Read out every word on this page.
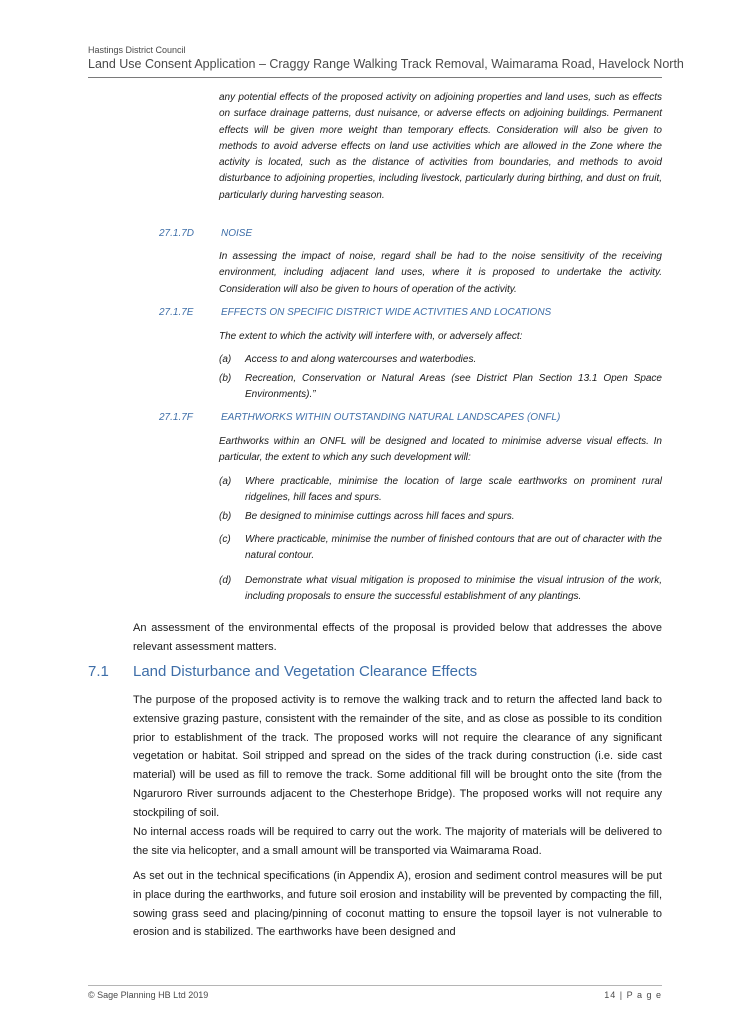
Hastings District Council
Land Use Consent Application – Craggy Range Walking Track Removal, Waimarama Road, Havelock North
any potential effects of the proposed activity on adjoining properties and land uses, such as effects on surface drainage patterns, dust nuisance, or adverse effects on adjoining buildings. Permanent effects will be given more weight than temporary effects. Consideration will also be given to methods to avoid adverse effects on land use activities which are allowed in the Zone where the activity is located, such as the distance of activities from boundaries, and methods to avoid disturbance to adjoining properties, including livestock, particularly during birthing, and dust on fruit, particularly during harvesting season.
27.1.7D	NOISE
In assessing the impact of noise, regard shall be had to the noise sensitivity of the receiving environment, including adjacent land uses, where it is proposed to undertake the activity. Consideration will also be given to hours of operation of the activity.
27.1.7E	EFFECTS ON SPECIFIC DISTRICT WIDE ACTIVITIES AND LOCATIONS
The extent to which the activity will interfere with, or adversely affect:
(a) Access to and along watercourses and waterbodies.
(b) Recreation, Conservation or Natural Areas (see District Plan Section 13.1 Open Space Environments).”
27.1.7F	EARTHWORKS WITHIN OUTSTANDING NATURAL LANDSCAPES (ONFL)
Earthworks within an ONFL will be designed and located to minimise adverse visual effects. In particular, the extent to which any such development will:
(a) Where practicable, minimise the location of large scale earthworks on prominent rural ridgelines, hill faces and spurs.
(b) Be designed to minimise cuttings across hill faces and spurs.
(c) Where practicable, minimise the number of finished contours that are out of character with the natural contour.
(d) Demonstrate what visual mitigation is proposed to minimise the visual intrusion of the work, including proposals to ensure the successful establishment of any plantings.
An assessment of the environmental effects of the proposal is provided below that addresses the above relevant assessment matters.
7.1 Land Disturbance and Vegetation Clearance Effects
The purpose of the proposed activity is to remove the walking track and to return the affected land back to extensive grazing pasture, consistent with the remainder of the site, and as close as possible to its condition prior to establishment of the track. The proposed works will not require the clearance of any significant vegetation or habitat. Soil stripped and spread on the sides of the track during construction (i.e. side cast material) will be used as fill to remove the track. Some additional fill will be brought onto the site (from the Ngaruroro River surrounds adjacent to the Chesterhope Bridge). The proposed works will not require any stockpiling of soil.
No internal access roads will be required to carry out the work. The majority of materials will be delivered to the site via helicopter, and a small amount will be transported via Waimarama Road.
As set out in the technical specifications (in Appendix A), erosion and sediment control measures will be put in place during the earthworks, and future soil erosion and instability will be prevented by compacting the fill, sowing grass seed and placing/pinning of coconut matting to ensure the topsoil layer is not vulnerable to erosion and is stabilized. The earthworks have been designed and
© Sage Planning HB Ltd 2019	14 | P a g e
